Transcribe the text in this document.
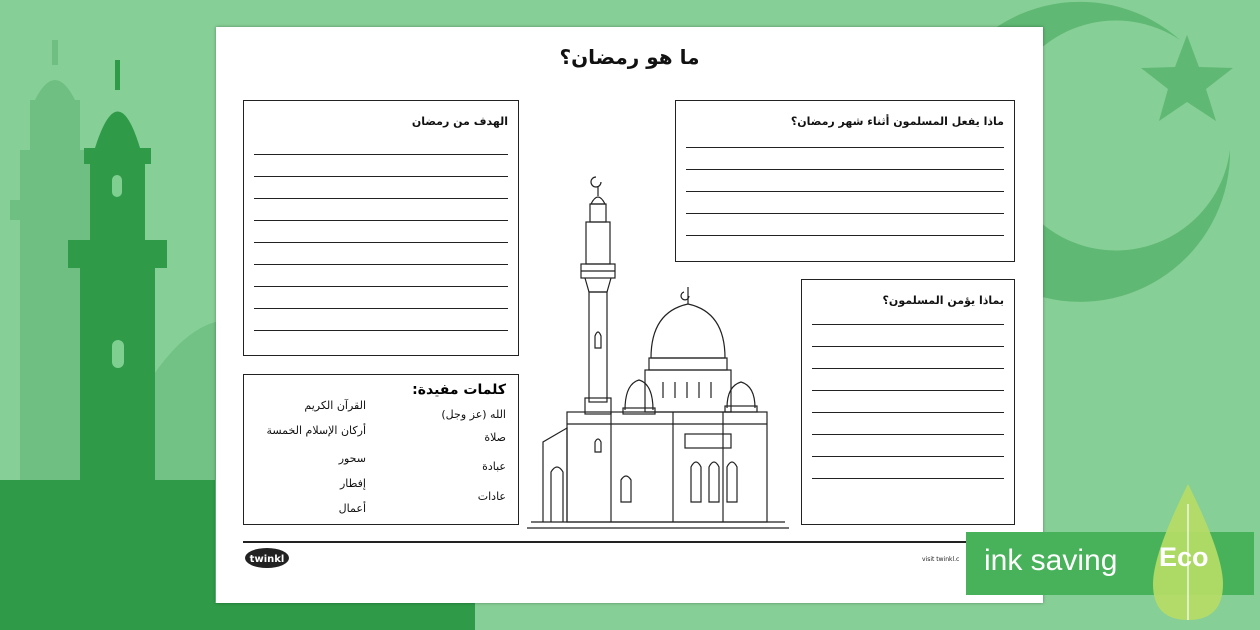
ما هو رمضان؟
الهدف من رمضان	ماذا يفعل المسلمون أثناء شهر رمضان؟
بماذا يؤمن المسلمون؟
كلمات مفيدة:
الله (عز وجل)
صلاة
عبادة
عادات
القرآن الكريم
أركان الإسلام الخمسة
سحور
إفطار
أعمال
twinkl	visit twinkl.c ink saving Eco
